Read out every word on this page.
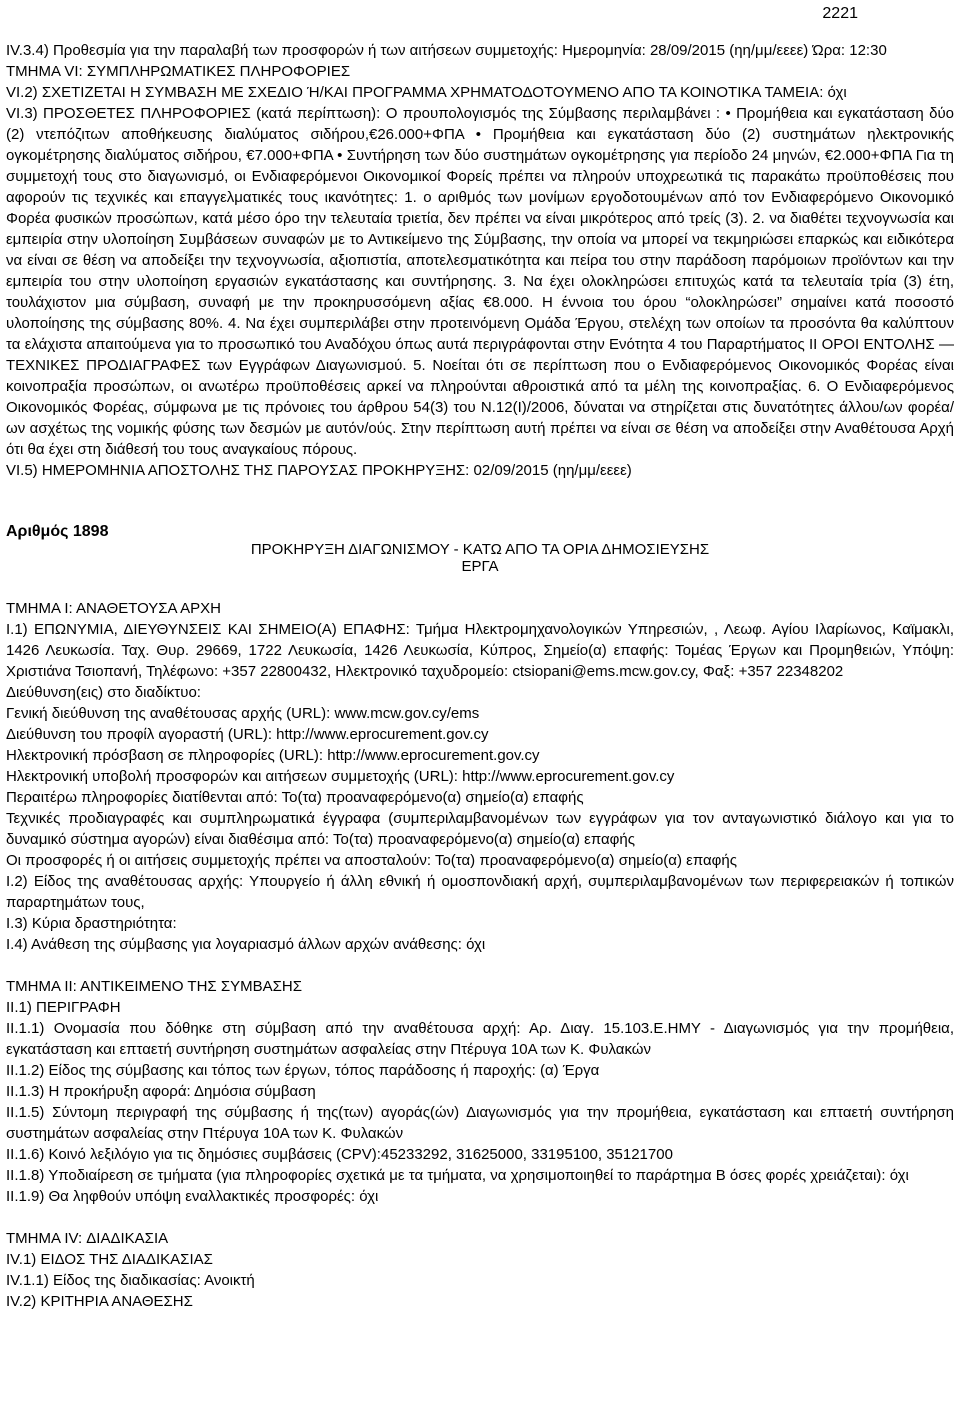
2221

IV.3.4) Προθεσμία για την παραλαβή των προσφορών ή των αιτήσεων συμμετοχής: Ημερομηνία: 28/09/2015 (ηη/μμ/εεεε) Ώρα: 12:30

ΤΜΗΜΑ VI: ΣΥΜΠΛΗΡΩΜΑΤΙΚΕΣ ΠΛΗΡΟΦΟΡΙΕΣ

VI.2) ΣΧΕΤΙΖΕΤΑΙ Η ΣΥΜΒΑΣΗ ΜΕ ΣΧΕΔΙΟ Ή/ΚΑΙ ΠΡΟΓΡΑΜΜΑ ΧΡΗΜΑΤΟΔΟΤΟΥΜΕΝΟ ΑΠΟ ΤΑ ΚΟΙΝΟΤΙΚΑ ΤΑΜΕΙΑ: όχι

VI.3) ΠΡΟΣΘΕΤΕΣ ΠΛΗΡΟΦΟΡΙΕΣ (κατά περίπτωση): Ο προυπολογισμός της Σύμβασης περιλαμβάνει : • Προμήθεια και εγκατάσταση δύο (2) ντεπόζιτων αποθήκευσης διαλύματος σιδήρου,€26.000+ΦΠΑ • Προμήθεια και εγκατάσταση δύο (2) συστημάτων ηλεκτρονικής ογκομέτρησης διαλύματος σιδήρου, €7.000+ΦΠΑ • Συντήρηση των δύο συστημάτων ογκομέτρησης για περίοδο 24 μηνών, €2.000+ΦΠΑ Για τη συμμετοχή τους στο διαγωνισμό, οι Ενδιαφερόμενοι Οικονομικοί Φορείς πρέπει να πληρούν υποχρεωτικά τις παρακάτω προϋποθέσεις που αφορούν τις τεχνικές και επαγγελματικές τους ικανότητες: 1. ο αριθμός των μονίμων εργοδοτουμένων από τον Ενδιαφερόμενο Οικονομικό Φορέα φυσικών προσώπων, κατά μέσο όρο την τελευταία τριετία, δεν πρέπει να είναι μικρότερος από τρείς (3). 2. να διαθέτει τεχνογνωσία και εμπειρία στην υλοποίηση Συμβάσεων συναφών με το Αντικείμενο της Σύμβασης, την οποία να μπορεί να τεκμηριώσει επαρκώς και ειδικότερα να είναι σε θέση να αποδείξει την τεχνογνωσία, αξιοπιστία, αποτελεσματικότητα και πείρα του στην παράδοση παρόμοιων προϊόντων και την εμπειρία του στην υλοποίηση εργασιών εγκατάστασης και συντήρησης. 3. Να έχει ολοκληρώσει επιτυχώς κατά τα τελευταία τρία (3) έτη, τουλάχιστον μια σύμβαση, συναφή με την προκηρυσσόμενη αξίας €8.000. Η έννοια του όρου “ολοκληρώσει” σημαίνει κατά ποσοστό υλοποίησης της σύμβασης 80%. 4. Να έχει συμπεριλάβει στην προτεινόμενη Ομάδα Έργου, στελέχη των οποίων τα προσόντα θα καλύπτουν τα ελάχιστα απαιτούμενα για το προσωπικό του Αναδόχου όπως αυτά περιγράφονται στην Ενότητα 4 του Παραρτήματος ΙΙ ΟΡΟΙ ΕΝΤΟΛΗΣ — ΤΕΧΝΙΚΕΣ ΠΡΟΔΙΑΓΡΑΦΕΣ των Εγγράφων Διαγωνισμού. 5. Νοείται ότι σε περίπτωση που ο Ενδιαφερόμενος Οικονομικός Φορέας είναι κοινοπραξία προσώπων, οι ανωτέρω προϋποθέσεις αρκεί να πληρούνται αθροιστικά από τα μέλη της κοινοπραξίας. 6. Ο Ενδιαφερόμενος Οικονομικός Φορέας, σύμφωνα με τις πρόνοιες του άρθρου 54(3) του Ν.12(Ι)/2006, δύναται να στηρίζεται στις δυνατότητες άλλου/ων φορέα/ων ασχέτως της νομικής φύσης των δεσμών με αυτόν/ούς. Στην περίπτωση αυτή πρέπει να είναι σε θέση να αποδείξει στην Αναθέτουσα Αρχή ότι θα έχει στη διάθεσή του τους αναγκαίους πόρους.

VI.5) ΗΜΕΡΟΜΗΝΙΑ ΑΠΟΣΤΟΛΗΣ ΤΗΣ ΠΑΡΟΥΣΑΣ ΠΡΟΚΗΡΥΞΗΣ: 02/09/2015 (ηη/μμ/εεεε)

Αριθμός 1898

ΠΡΟΚΗΡΥΞΗ ΔΙΑΓΩΝΙΣΜΟΥ - ΚΑΤΩ ΑΠΟ ΤΑ ΟΡΙΑ ΔΗΜΟΣΙΕΥΣΗΣ

ΕΡΓΑ

ΤΜΗΜΑ Ι: ΑΝΑΘΕΤΟΥΣΑ ΑΡΧΗ

Ι.1) ΕΠΩΝΥΜΙΑ, ΔΙΕΥΘΥΝΣΕΙΣ ΚΑΙ ΣΗΜΕΙΟ(Α) ΕΠΑΦΗΣ: Τμήμα Ηλεκτρομηχανολογικών Υπηρεσιών, , Λεωφ. Αγίου Ιλαρίωνος, Καϊμακλι, 1426 Λευκωσία. Ταχ. Θυρ. 29669, 1722 Λευκωσία, 1426 Λευκωσία, Κύπρος, Σημείο(α) επαφής: Τομέας Έργων και Προμηθειών, Υπόψη: Χριστιάνα Τσιοπανή, Τηλέφωνο: +357 22800432, Ηλεκτρονικό ταχυδρομείο: ctsiopani@ems.mcw.gov.cy, Φαξ: +357 22348202

Διεύθυνση(εις) στο διαδίκτυο:

Γενική διεύθυνση της αναθέτουσας αρχής (URL): www.mcw.gov.cy/ems

Διεύθυνση του προφίλ αγοραστή (URL): http://www.eprocurement.gov.cy

Ηλεκτρονική πρόσβαση σε πληροφορίες (URL): http://www.eprocurement.gov.cy

Ηλεκτρονική υποβολή προσφορών και αιτήσεων συμμετοχής (URL): http://www.eprocurement.gov.cy

Περαιτέρω πληροφορίες διατίθενται από: Το(τα) προαναφερόμενο(α) σημείο(α) επαφής

Τεχνικές προδιαγραφές και συμπληρωματικά έγγραφα (συμπεριλαμβανομένων των εγγράφων για τον ανταγωνιστικό διάλογο και για το δυναμικό σύστημα αγορών) είναι διαθέσιμα από: Το(τα) προαναφερόμενο(α) σημείο(α) επαφής

Οι προσφορές ή οι αιτήσεις συμμετοχής πρέπει να αποσταλούν: Το(τα) προαναφερόμενο(α) σημείο(α) επαφής

Ι.2) Είδος της αναθέτουσας αρχής: Υπουργείο ή άλλη εθνική ή ομοσπονδιακή αρχή, συμπεριλαμβανομένων των περιφερειακών ή τοπικών παραρτημάτων τους,

Ι.3) Κύρια δραστηριότητα:

Ι.4) Ανάθεση της σύμβασης για λογαριασμό άλλων αρχών ανάθεσης: όχι

ΤΜΗΜΑ ΙΙ: ΑΝΤΙΚΕΙΜΕΝΟ ΤΗΣ ΣΥΜΒΑΣΗΣ

ΙΙ.1) ΠΕΡΙΓΡΑΦΗ

ΙΙ.1.1) Ονομασία που δόθηκε στη σύμβαση από την αναθέτουσα αρχή: Αρ. Διαγ. 15.103.Ε.ΗΜΥ - Διαγωνισμός για την προμήθεια, εγκατάσταση και επταετή συντήρηση συστημάτων ασφαλείας στην Πτέρυγα 10Α των Κ. Φυλακών

ΙΙ.1.2) Είδος της σύμβασης και τόπος των έργων, τόπος παράδοσης ή παροχής: (α) Έργα

ΙΙ.1.3) Η προκήρυξη αφορά: Δημόσια σύμβαση

ΙΙ.1.5) Σύντομη περιγραφή της σύμβασης ή της(των) αγοράς(ών) Διαγωνισμός για την προμήθεια, εγκατάσταση και επταετή συντήρηση συστημάτων ασφαλείας στην Πτέρυγα 10Α των Κ. Φυλακών

ΙΙ.1.6) Κοινό λεξιλόγιο για τις δημόσιες συμβάσεις (CPV):45233292, 31625000, 33195100, 35121700

ΙΙ.1.8) Υποδιαίρεση σε τμήματα (για πληροφορίες σχετικά με τα τμήματα, να χρησιμοποιηθεί το παράρτημα Β όσες φορές χρειάζεται): όχι

ΙΙ.1.9) Θα ληφθούν υπόψη εναλλακτικές προσφορές: όχι

ΤΜΗΜΑ IV: ΔΙΑΔΙΚΑΣΙΑ

IV.1) ΕΙΔΟΣ ΤΗΣ ΔΙΑΔΙΚΑΣΙΑΣ

IV.1.1) Είδος της διαδικασίας: Ανοικτή

IV.2) ΚΡΙΤΗΡΙΑ ΑΝΑΘΕΣΗΣ
